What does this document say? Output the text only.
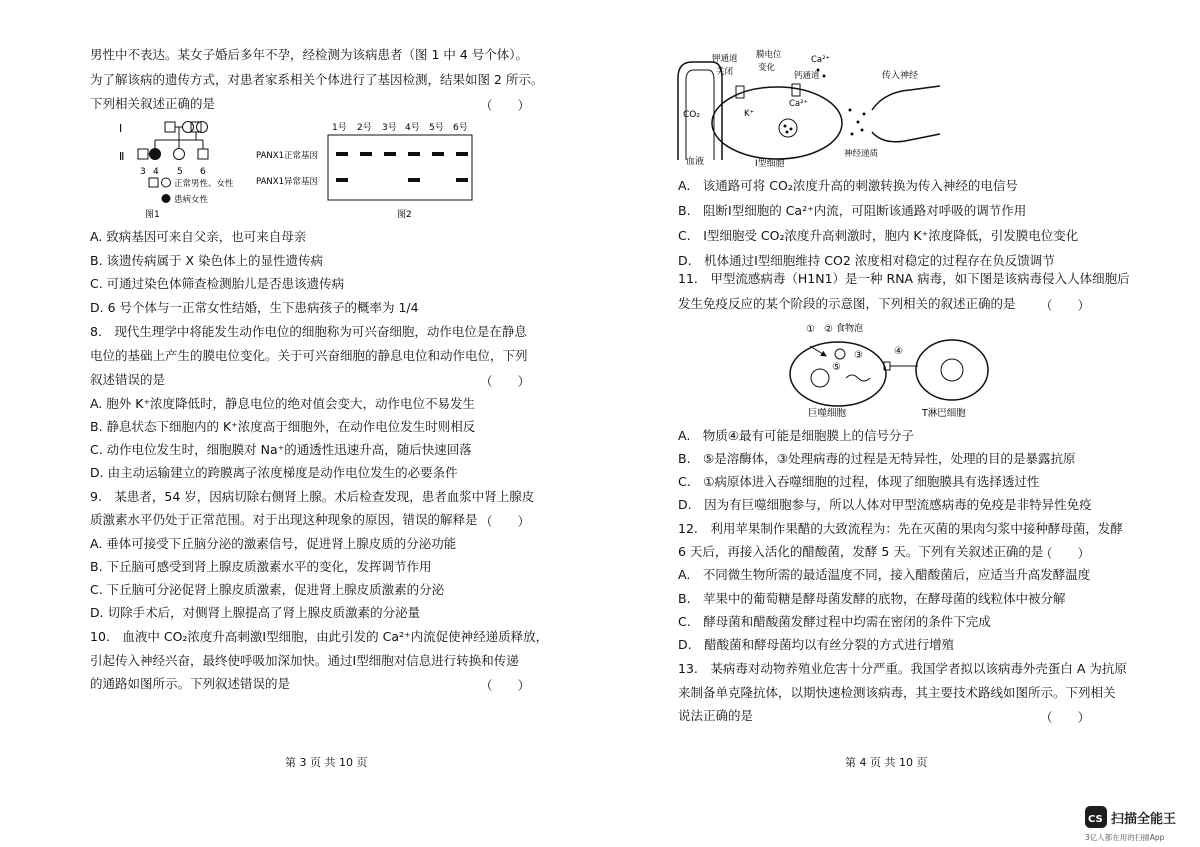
男性中不表达。某女子婚后多年不孕，经检测为该病患者（图 1 中 4 号个体）。
为了解该病的遗传方式，对患者家系相关个体进行了基因检测，结果如图 2 所示。
下列相关叙述正确的是	（　　）
Ⅰ
Ⅱ
3 4 5 6
正常男性、女性
患病女性
图1
1号 2号 3号 4号 5号 6号
PANX1正常基因
PANX1异常基因
图2
A. 致病基因可来自父亲，也可来自母亲
B. 该遗传病属于 X 染色体上的显性遗传病
C. 可通过染色体筛查检测胎儿是否患该遗传病
D. 6 号个体与一正常女性结婚，生下患病孩子的概率为 1/4
8.　现代生理学中将能发生动作电位的细胞称为可兴奋细胞，动作电位是在静息
电位的基础上产生的膜电位变化。关于可兴奋细胞的静息电位和动作电位，下列
叙述错误的是	（　　）
A. 胞外 K⁺浓度降低时，静息电位的绝对值会变大，动作电位不易发生
B. 静息状态下细胞内的 K⁺浓度高于细胞外，在动作电位发生时则相反
C. 动作电位发生时，细胞膜对 Na⁺的通透性迅速升高，随后快速回落
D. 由主动运输建立的跨膜离子浓度梯度是动作电位发生的必要条件
9.　某患者，54 岁，因病切除右侧肾上腺。术后检查发现，患者血浆中肾上腺皮
质激素水平仍处于正常范围。对于出现这种现象的原因，错误的解释是 （　　）
A. 垂体可接受下丘脑分泌的激素信号，促进肾上腺皮质的分泌功能
B. 下丘脑可感受到肾上腺皮质激素水平的变化，发挥调节作用
C. 下丘脑可分泌促肾上腺皮质激素，促进肾上腺皮质激素的分泌
D. 切除手术后，对侧肾上腺提高了肾上腺皮质激素的分泌量
10.　血液中 CO₂浓度升高刺激Ⅰ型细胞，由此引发的 Ca²⁺内流促使神经递质释放，
引起传入神经兴奋，最终使呼吸加深加快。通过Ⅰ型细胞对信息进行转换和传递
的通路如图所示。下列叙述错误的是	（　　）
第 3 页 共 10 页
CO₂
血液	Ⅰ型细胞
钾通道
关闭
膜电位
变化
钙通道
Ca²⁺
Ca²⁺
K⁺
神经递质
传入神经
A.　该通路可将 CO₂浓度升高的刺激转换为传入神经的电信号
B.　阻断Ⅰ型细胞的 Ca²⁺内流，可阻断该通路对呼吸的调节作用
C.　Ⅰ型细胞受 CO₂浓度升高刺激时，胞内 K⁺浓度降低，引发膜电位变化
D.　机体通过Ⅰ型细胞维持 CO2 浓度相对稳定的过程存在负反馈调节
11.　甲型流感病毒（H1N1）是一种 RNA 病毒，如下图是该病毒侵入人体细胞后
发生免疫反应的某个阶段的示意图，下列相关的叙述正确的是 （　　）
① ② 食物泡
③
⑤
④
巨噬细胞	T淋巴细胞
A.　物质④最有可能是细胞膜上的信号分子
B.　⑤是溶酶体，③处理病毒的过程是无特异性，处理的目的是暴露抗原
C.　①病原体进入吞噬细胞的过程，体现了细胞膜具有选择透过性
D.　因为有巨噬细胞参与，所以人体对甲型流感病毒的免疫是非特异性免疫
12.　利用苹果制作果醋的大致流程为：先在灭菌的果肉匀浆中接种酵母菌，发酵
6 天后，再接入活化的醋酸菌，发酵 5 天。下列有关叙述正确的是
（　　）
A.　不同微生物所需的最适温度不同，接入醋酸菌后，应适当升高发酵温度
B.　苹果中的葡萄糖是酵母菌发酵的底物，在酵母菌的线粒体中被分解
C.　酵母菌和醋酸菌发酵过程中均需在密闭的条件下完成
D.　醋酸菌和酵母菌均以有丝分裂的方式进行增殖
13.　某病毒对动物养殖业危害十分严重。我国学者拟以该病毒外壳蛋白 A 为抗原
来制备单克隆抗体，以期快速检测该病毒，其主要技术路线如图所示。下列相关
说法正确的是	（　　）
第 4 页 共 10 页
CS 扫描全能王
3亿人都在用的扫描App
